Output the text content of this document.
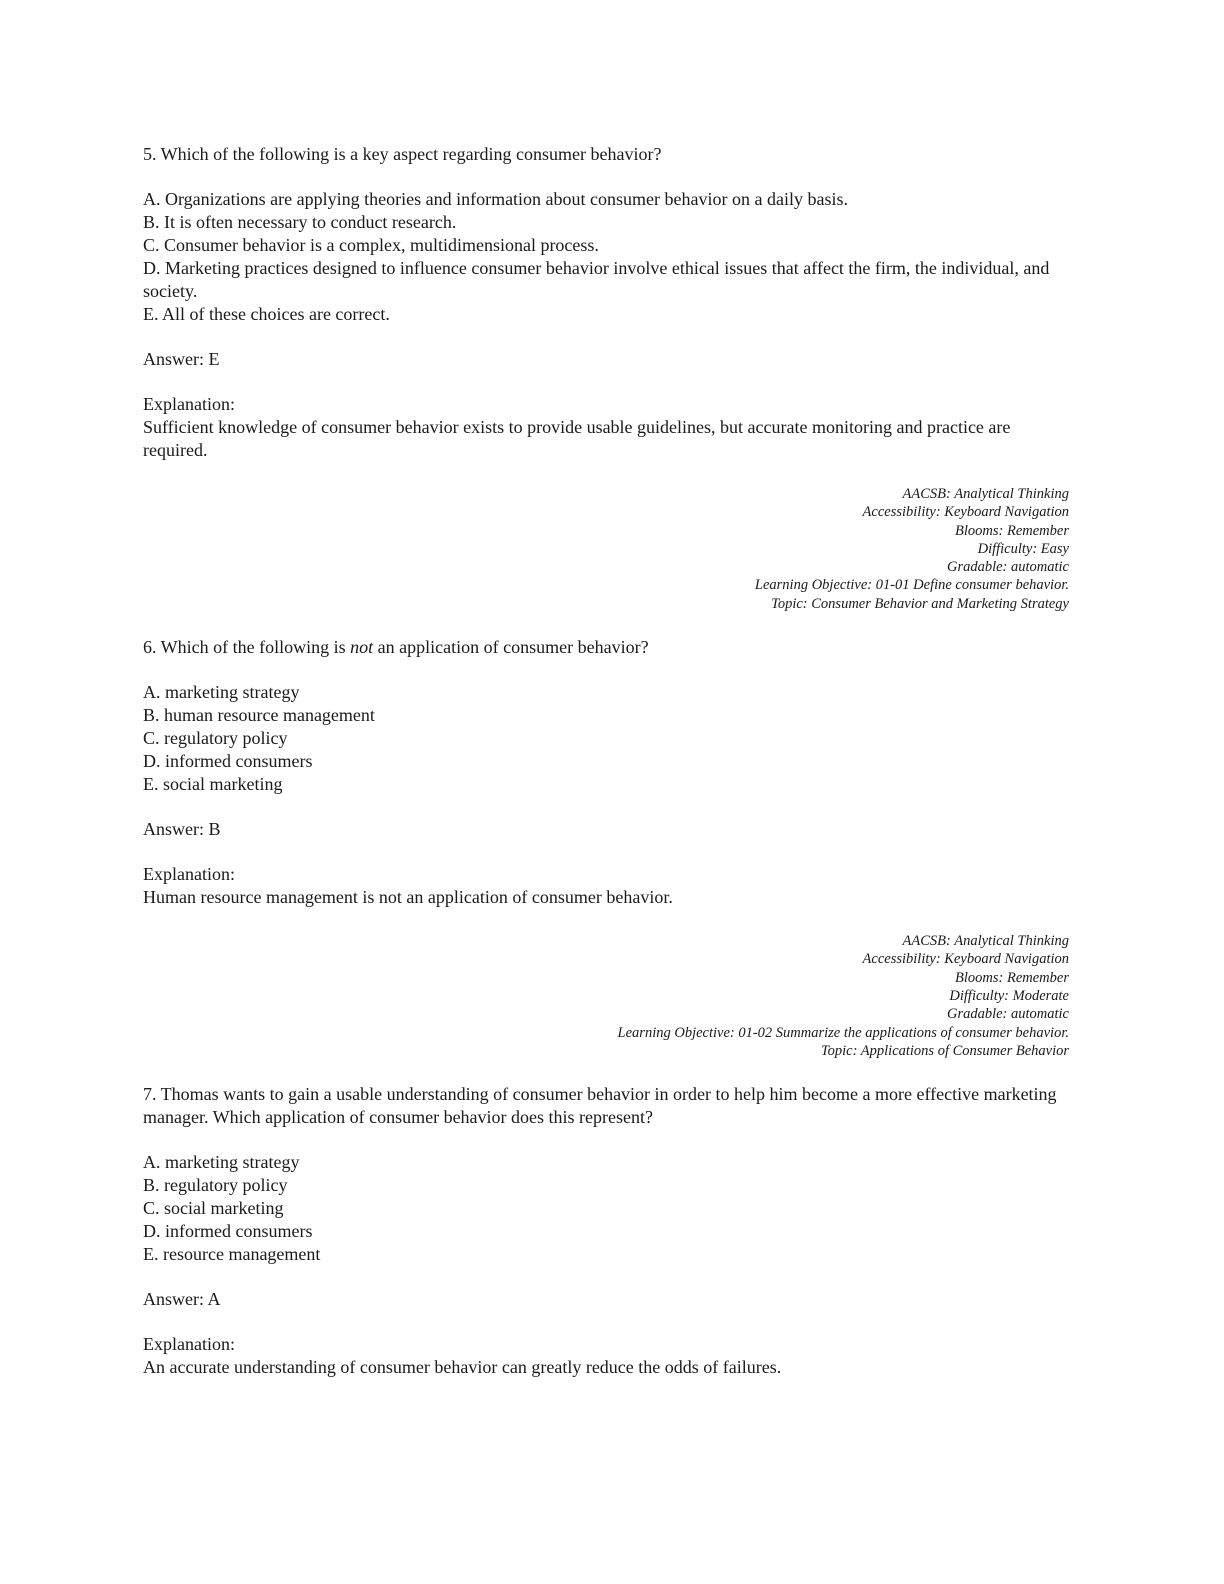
5. Which of the following is a key aspect regarding consumer behavior?

A. Organizations are applying theories and information about consumer behavior on a daily basis.
B. It is often necessary to conduct research.
C. Consumer behavior is a complex, multidimensional process.
D. Marketing practices designed to influence consumer behavior involve ethical issues that affect the firm, the individual, and society.
E. All of these choices are correct.

Answer: E

Explanation:

Sufficient knowledge of consumer behavior exists to provide usable guidelines, but accurate monitoring and practice are required.

AACSB: Analytical Thinking
Accessibility: Keyboard Navigation
Blooms: Remember
Difficulty: Easy
Gradable: automatic
Learning Objective: 01-01 Define consumer behavior.
Topic: Consumer Behavior and Marketing Strategy

6. Which of the following is not an application of consumer behavior?

A. marketing strategy
B. human resource management
C. regulatory policy
D. informed consumers
E. social marketing

Answer: B

Explanation:

Human resource management is not an application of consumer behavior.

AACSB: Analytical Thinking
Accessibility: Keyboard Navigation
Blooms: Remember
Difficulty: Moderate
Gradable: automatic
Learning Objective: 01-02 Summarize the applications of consumer behavior.
Topic: Applications of Consumer Behavior

7. Thomas wants to gain a usable understanding of consumer behavior in order to help him become a more effective marketing manager. Which application of consumer behavior does this represent?

A. marketing strategy
B. regulatory policy
C. social marketing
D. informed consumers
E. resource management

Answer: A

Explanation:

An accurate understanding of consumer behavior can greatly reduce the odds of failures.
